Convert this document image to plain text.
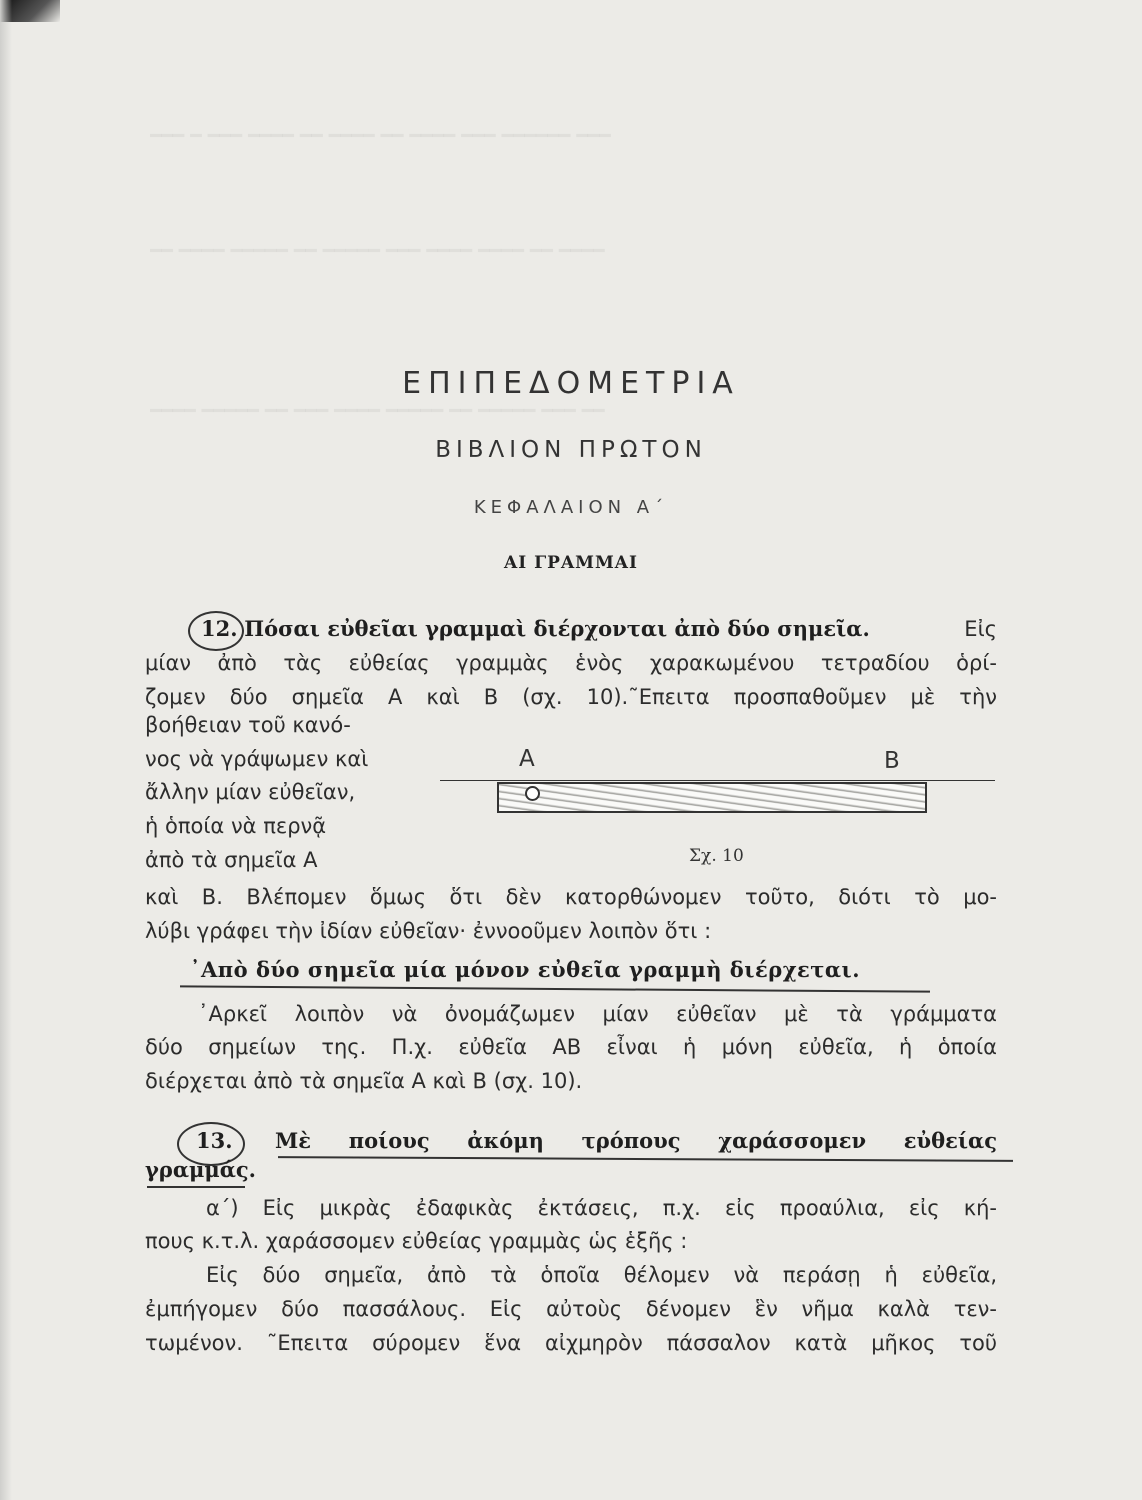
━━━ ━ ━━━ ━━━━ ━━ ━━━━ ━━ ━━━━ ━━━ ━━━━━━ ━━━
━━ ━━━━ ━━━━━ ━━ ━━━━━ ━━━ ━━━━ ━━━━ ━━ ━━━━
━━━━ ━━━━━ ━━ ━━━ ━━━━ ━━━━━ ━━ ━━━━━ ━━━ ━━
ΕΠΙΠΕΔΟΜΕΤΡΙΑ
ΒΙΒΛΙΟΝ ΠΡΩΤΟΝ
ΚΕΦΑΛΑΙΟΝ Α΄
ΑΙ ΓΡΑΜΜΑΙ
12. Πόσαι εὐθεῖαι γραμμαὶ διέρχονται ἀπὸ δύο σημεῖα.	Εἰς
μίαν ἀπὸ τὰς εὐθείας γραμμὰς ἑνὸς χαρακωμένου τετραδίου ὁρί-
ζομεν δύο σημεῖα Α καὶ Β (σχ. 10).˜Επειτα προσπαθοῦμεν μὲ τὴν
βοήθειαν τοῦ κανό-
νος νὰ γράψωμεν καὶ
ἄλλην μίαν εὐθεῖαν,
ἡ ὁποία νὰ περνᾷ
ἀπὸ τὰ σημεῖα Α
Α	Β
Σχ. 10
καὶ Β. Βλέπομεν ὅμως ὅτι δὲν κατορθώνομεν τοῦτο, διότι τὸ μο-
λύβι γράφει τὴν ἰδίαν εὐθεῖαν· ἐννοοῦμεν λοιπὸν ὅτι :
᾿Απὸ δύο σημεῖα μία μόνον εὐθεῖα γραμμὴ διέρχεται.
᾿Αρκεῖ λοιπὸν νὰ ὀνομάζωμεν μίαν εὐθεῖαν μὲ τὰ γράμματα
δύο σημείων της. Π.χ. εὐθεῖα ΑΒ εἶναι ἡ μόνη εὐθεῖα, ἡ ὁποία
διέρχεται ἀπὸ τὰ σημεῖα Α καὶ Β (σχ. 10).
13. Μὲ ποίους ἀκόμη τρόπους χαράσσομεν εὐθείας
γραμμάς.
α΄) Εἰς μικρὰς ἐδαφικὰς ἐκτάσεις, π.χ. εἰς προαύλια, εἰς κή-
πους κ.τ.λ. χαράσσομεν εὐθείας γραμμὰς ὡς ἑξῆς :
Εἰς δύο σημεῖα, ἀπὸ τὰ ὁποῖα θέλομεν νὰ περάσῃ ἡ εὐθεῖα,
ἐμπήγομεν δύο πασσάλους. Εἰς αὐτοὺς δένομεν ἓν νῆμα καλὰ τεν-
τωμένον. ˜Επειτα σύρομεν ἕνα αἰχμηρὸν πάσσαλον κατὰ μῆκος τοῦ
